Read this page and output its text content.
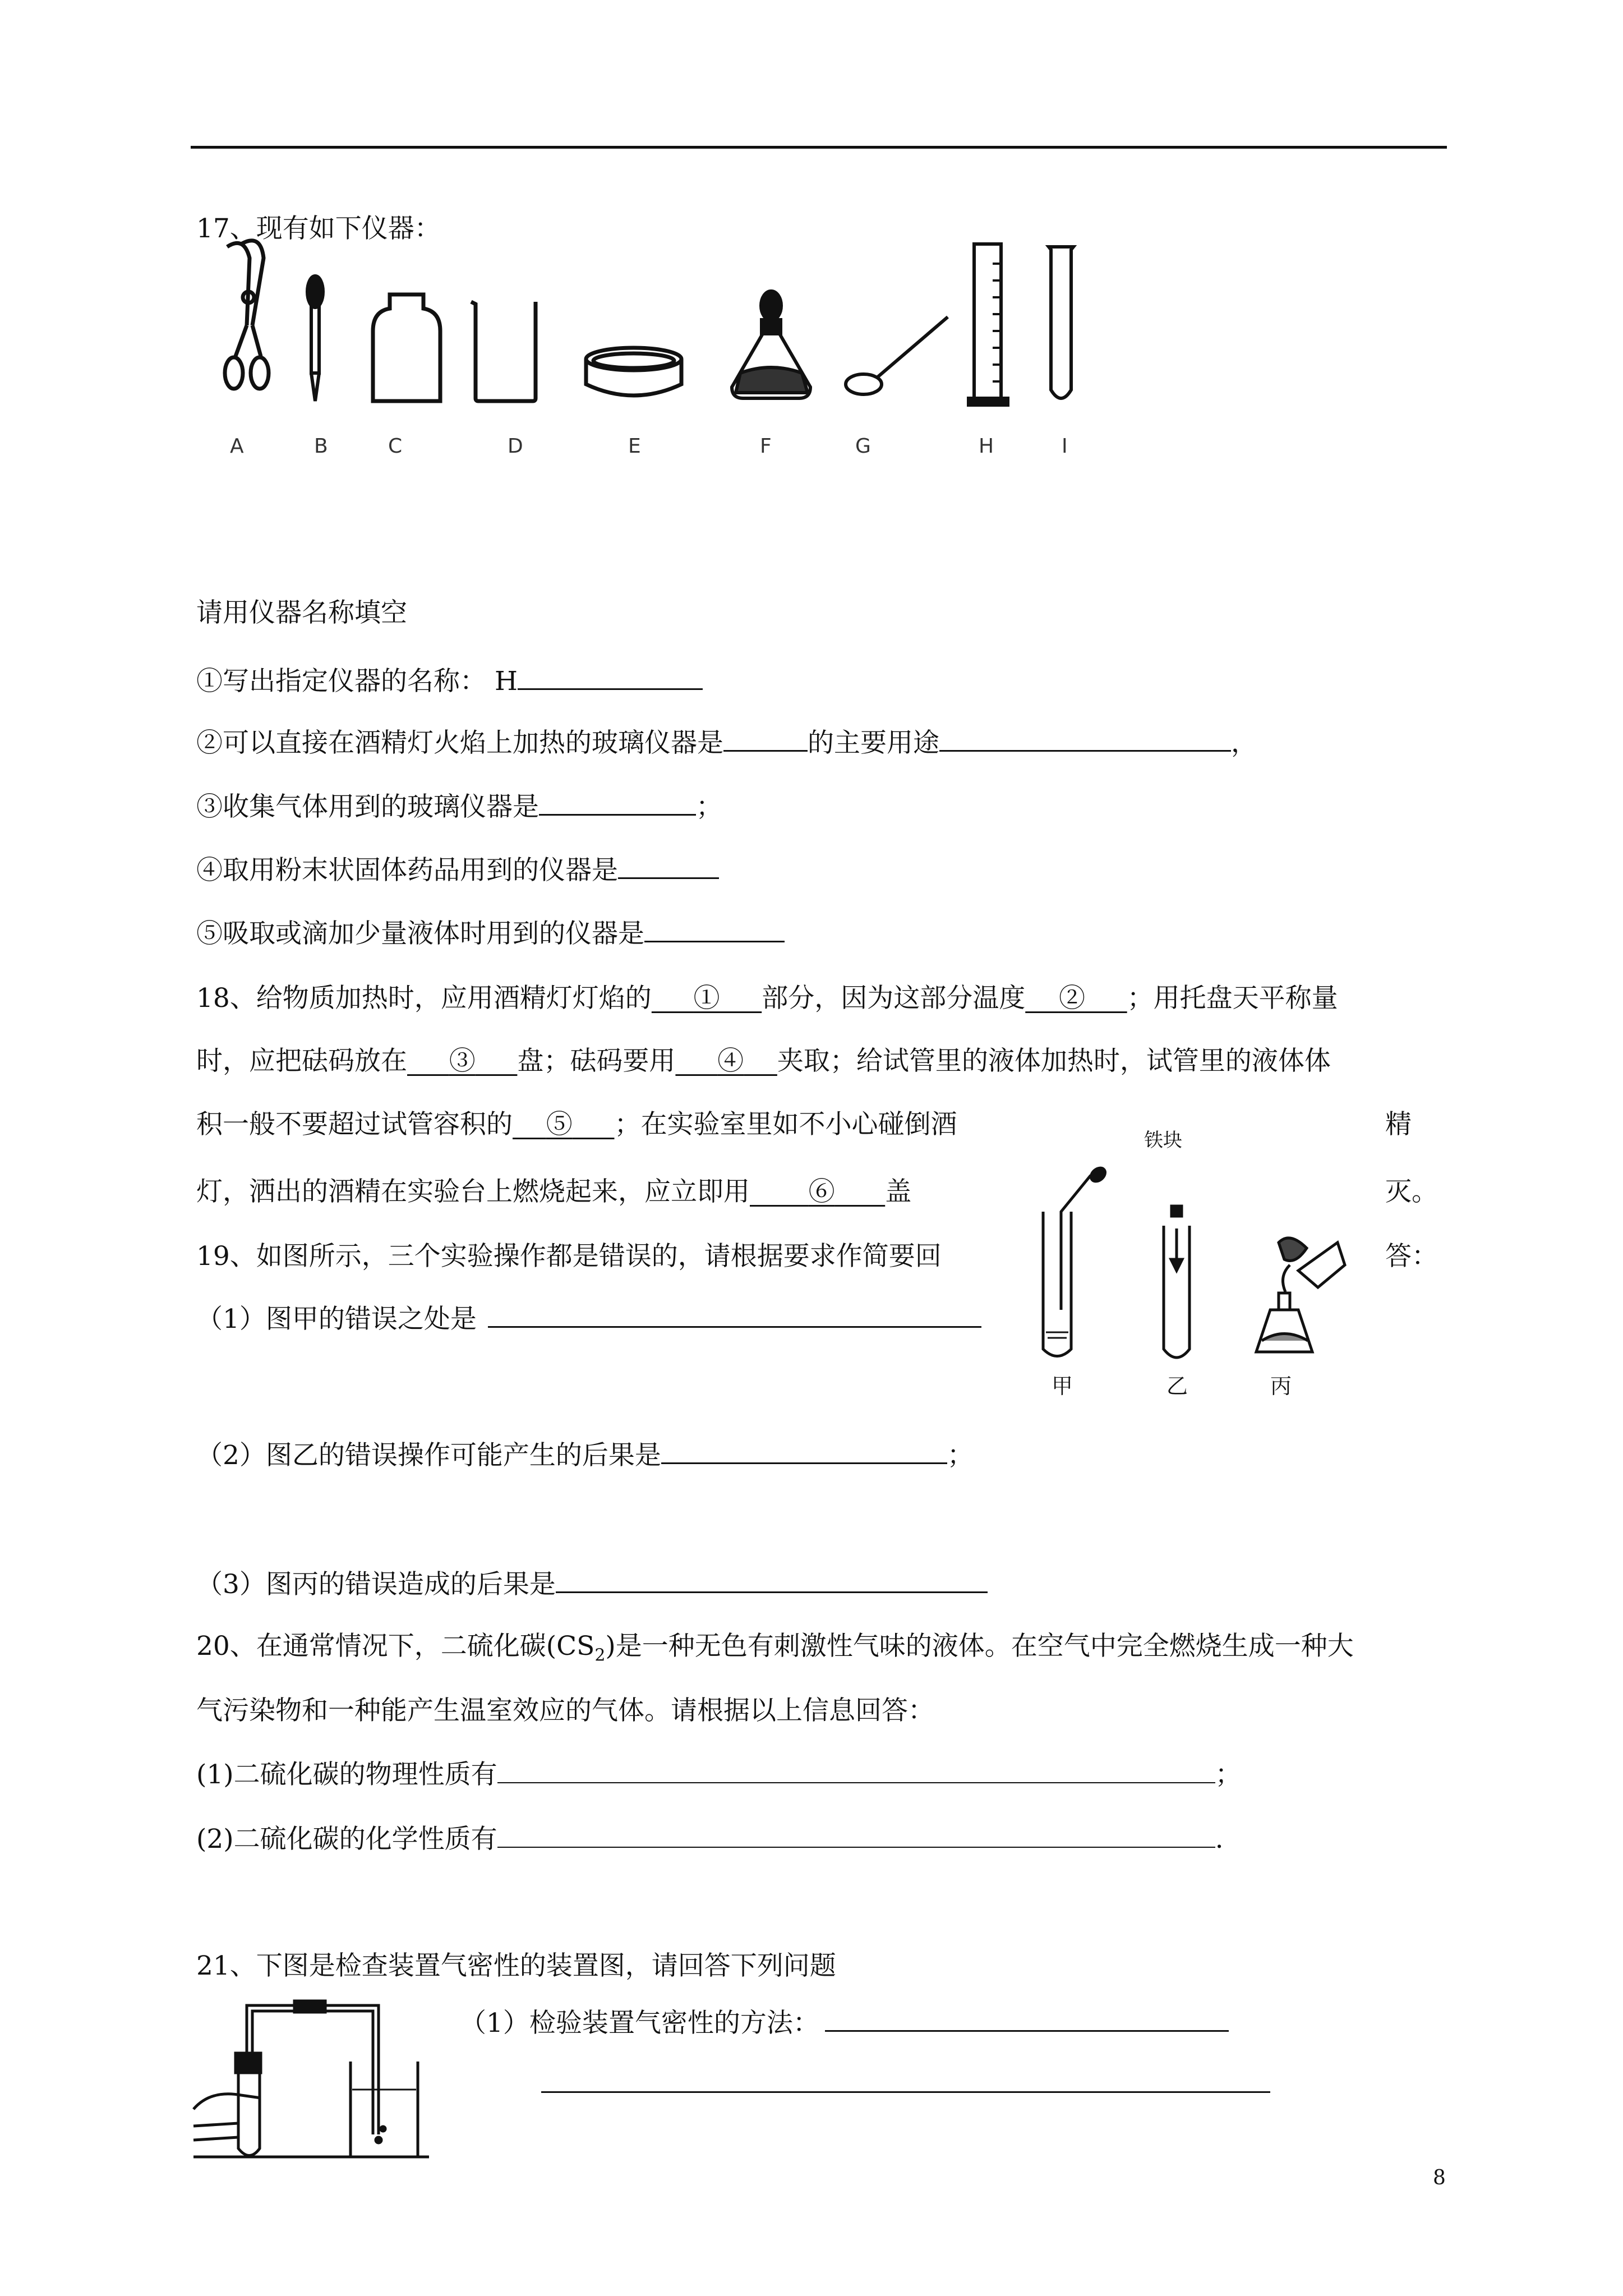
17、现有如下仪器：
A	B	C	D	E	F	G	H	I
请用仪器名称填空
①写出指定仪器的名称： H
②可以直接在酒精灯火焰上加热的玻璃仪器是	的主要用途	，
③收集气体用到的玻璃仪器是	；
④取用粉末状固体药品用到的仪器是
⑤吸取或滴加少量液体时用到的仪器是
18、给物质加热时，应用酒精灯灯焰的 ① 部分，因为这部分温度 ② ；用托盘天平称量
时，应把砝码放在 ③ 盘；砝码要用 ④ 夹取；给试管里的液体加热时，试管里的液体体
积一般不要超过试管容积的 ⑤ ；在实验室里如不小心碰倒酒	精
灯，洒出的酒精在实验台上燃烧起来，应立即用 ⑥ 盖	灭。
19、如图所示，三个实验操作都是错误的，请根据要求作简要回	答：
铁块
甲	乙	丙
（1）图甲的错误之处是
（2）图乙的错误操作可能产生的后果是	；
（3）图丙的错误造成的后果是
20、在通常情况下，二硫化碳$(CS_2)$是一种无色有刺激性气味的液体。在空气中完全燃烧生成一种大
气污染物和一种能产生温室效应的气体。请根据以上信息回答：
(1)二硫化碳的物理性质有	；
(2)二硫化碳的化学性质有	.
21、下图是检查装置气密性的装置图，请回答下列问题
（1）检验装置气密性的方法：
8
